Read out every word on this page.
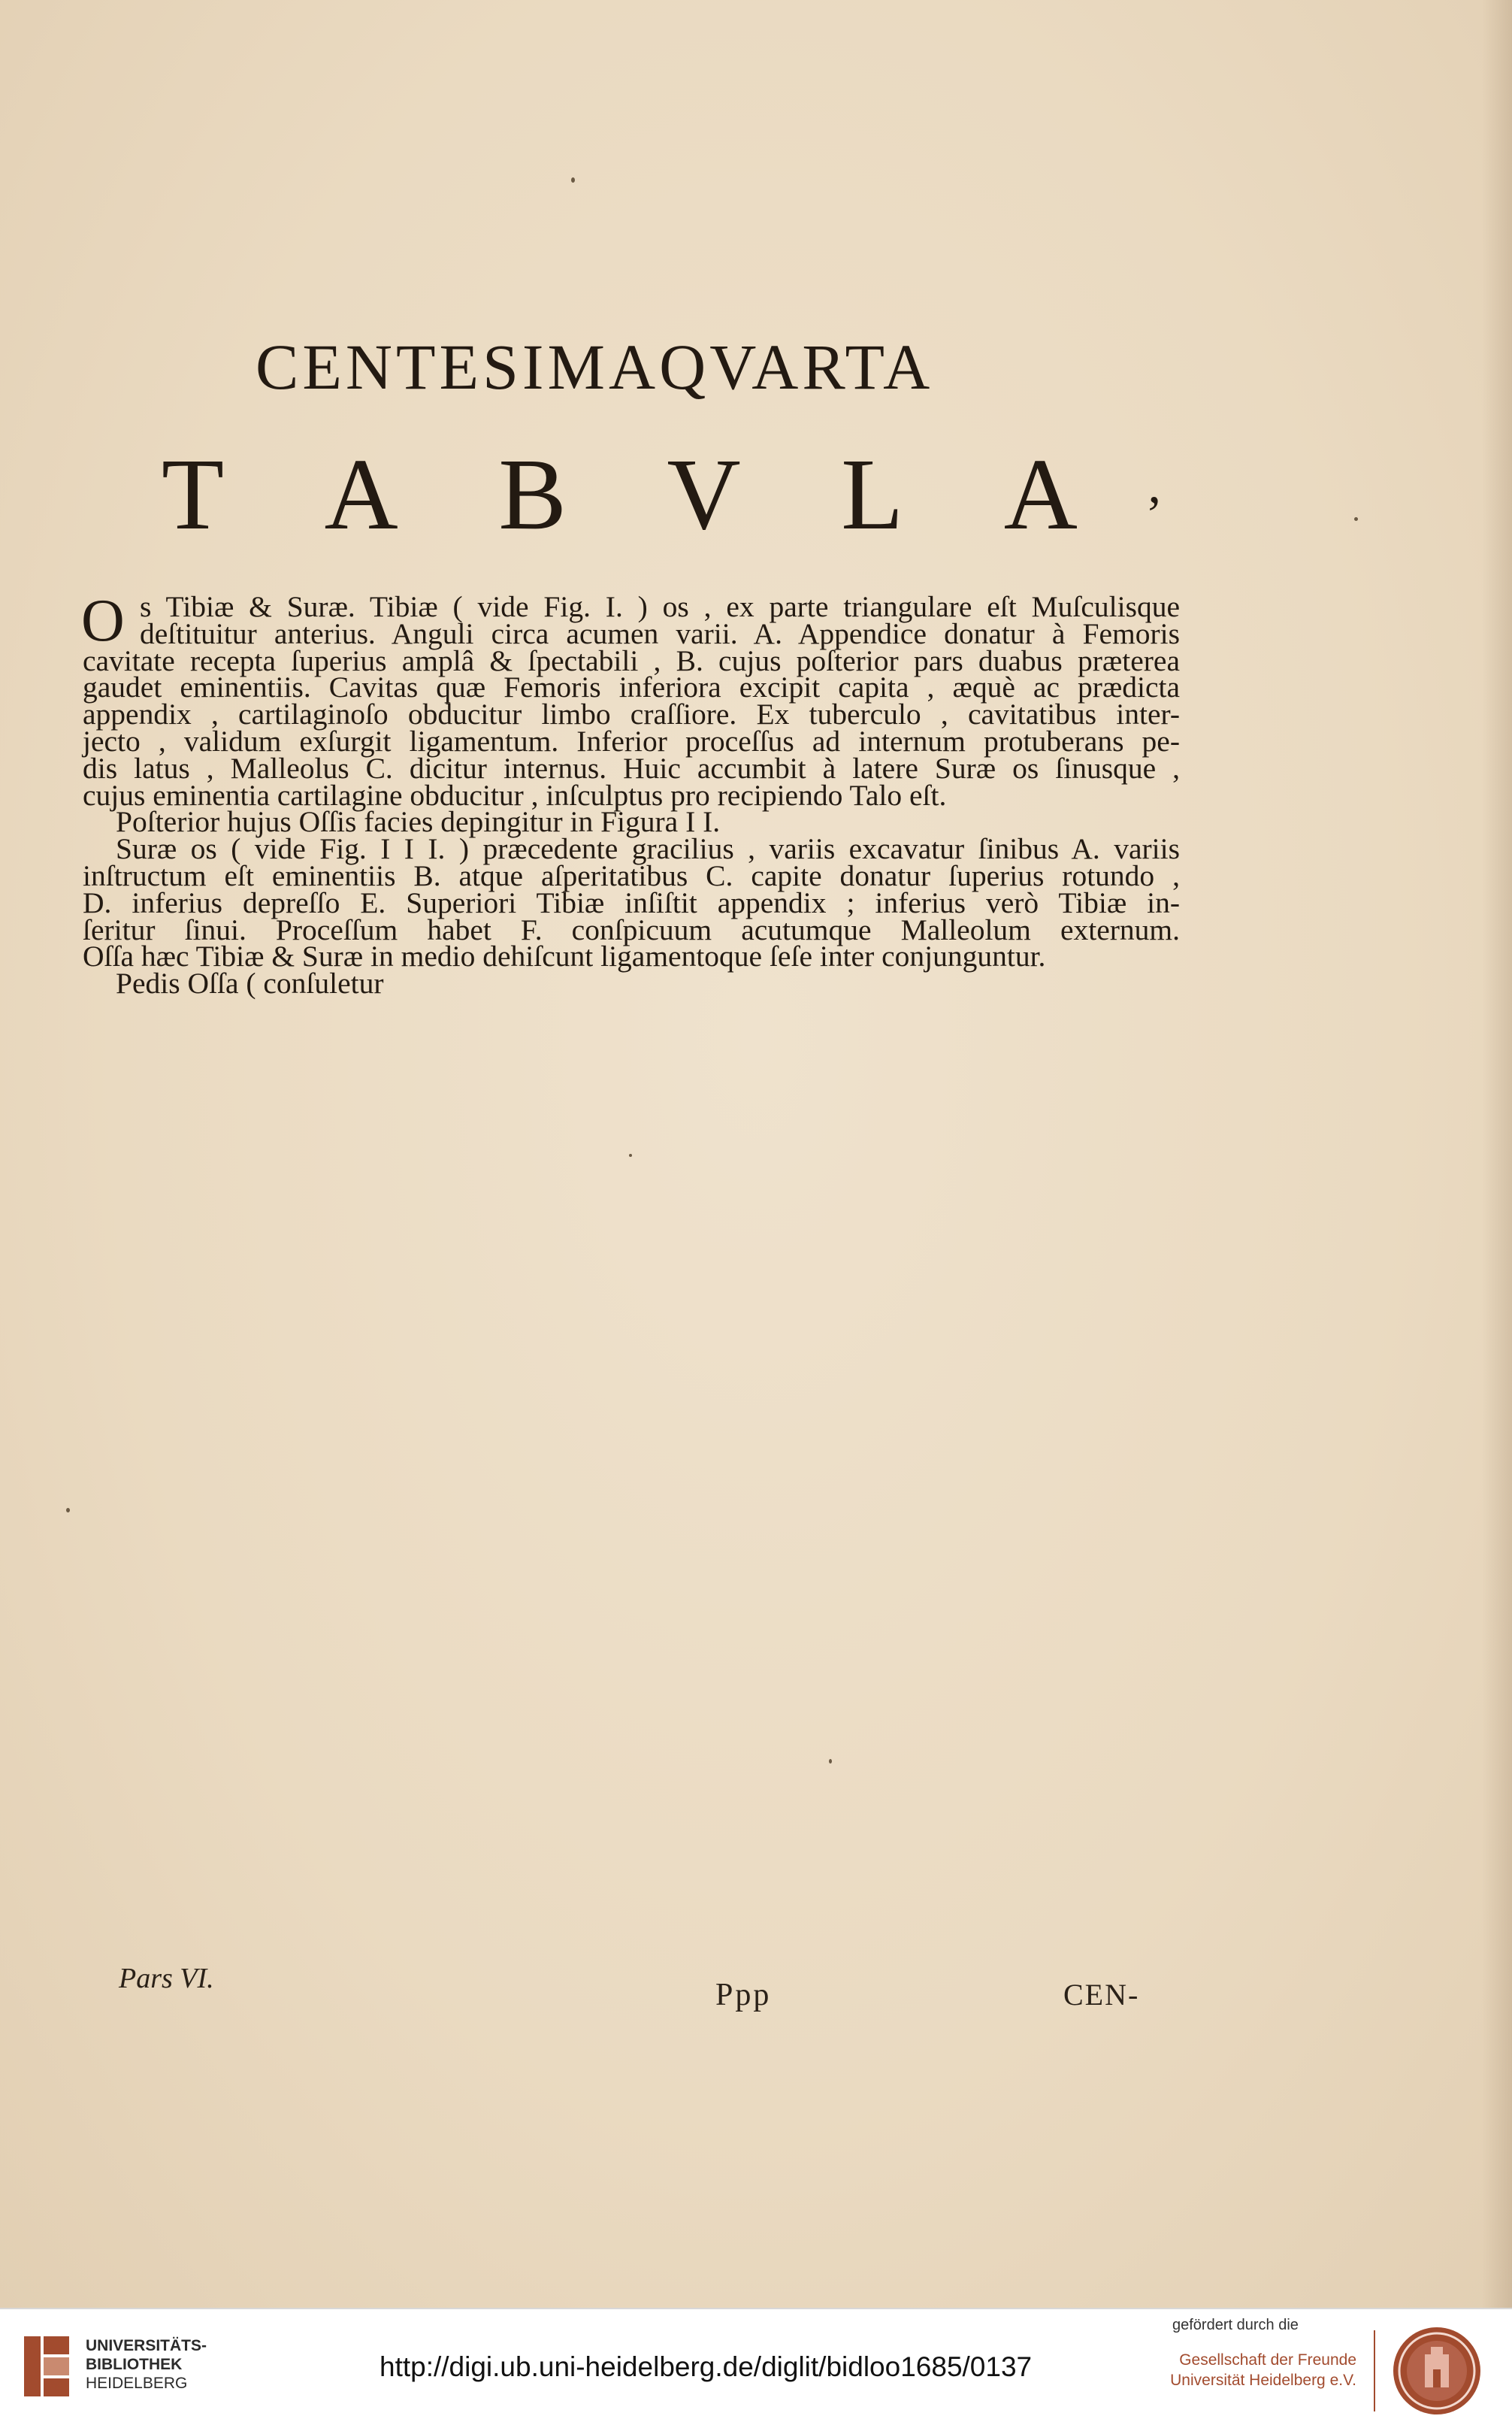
CENTESIMAQVARTA
T A B V L A ,
O s Tibiæ & Suræ. Tibiæ ( vide Fig. I. ) os , ex parte triangulare eſt Muſculisque
deſtituitur anterius. Anguli circa acumen varii. A. Appendice donatur à Femoris
cavitate recepta ſuperius amplâ & ſpectabili , B. cujus poſterior pars duabus præterea
gaudet eminentiis. Cavitas quæ Femoris inferiora excipit capita , æquè ac prædicta
appendix , cartilaginoſo obducitur limbo craſſiore. Ex tuberculo , cavitatibus inter-
jecto , validum exſurgit ligamentum. Inferior proceſſus ad internum protuberans pe-
dis latus , Malleolus C. dicitur internus. Huic accumbit à latere Suræ os ſinusque ,
cujus eminentia cartilagine obducitur , inſculptus pro recipiendo Talo eſt.
Poſterior hujus Oſſis facies depingitur in Figura I I.
Suræ os ( vide Fig. I I I. ) præcedente gracilius , variis excavatur ſinibus A. variis
inſtructum eſt eminentiis B. atque aſperitatibus C. capite donatur ſuperius rotundo ,
D. inferius depreſſo E. Superiori Tibiæ inſiſtit appendix ; inferius verò Tibiæ in-
ſeritur ſinui. Proceſſum habet F. conſpicuum acutumque Malleolum externum.
Oſſa hæc Tibiæ & Suræ in medio dehiſcunt ligamentoque ſeſe inter conjunguntur.
Pedis Oſſa ( conſuletur
Pars VI.	Ppp	CEN-
UNIVERSITÄTS-
BIBLIOTHEK
HEIDELBERG
http://digi.ub.uni-heidelberg.de/diglit/bidloo1685/0137
gefördert durch die
Gesellschaft der Freunde
Universität Heidelberg e.V.
